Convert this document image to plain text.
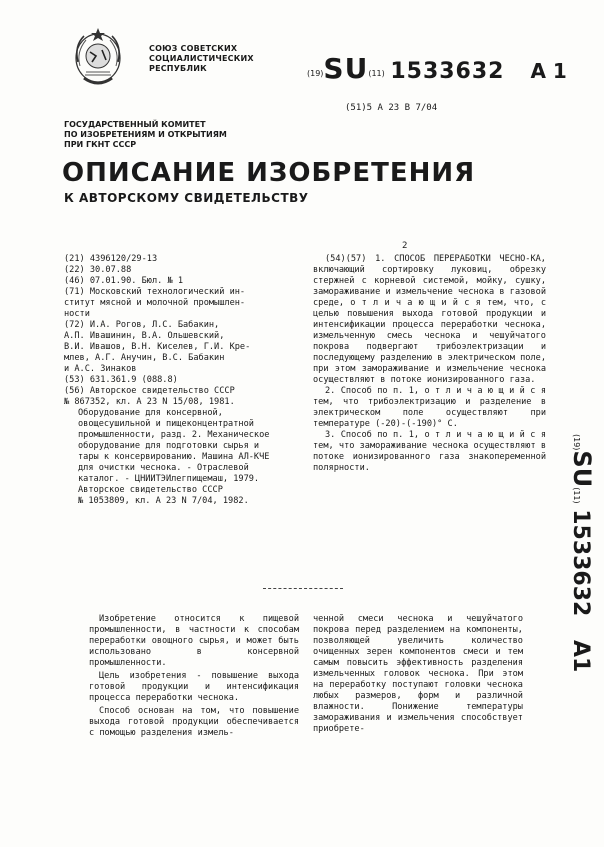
СОЮЗ СОВЕТСКИХ
СОЦИАЛИСТИЧЕСКИХ
РЕСПУБЛИК
(19)SU(11) 1533632 A 1
(51)5 A 23 B 7/04
ГОСУДАРСТВЕННЫЙ КОМИТЕТ
ПО ИЗОБРЕТЕНИЯМ И ОТКРЫТИЯМ
ПРИ ГКНТ СССР
ОПИСАНИЕ ИЗОБРЕТЕНИЯ
К АВТОРСКОМУ СВИДЕТЕЛЬСТВУ
2
(21) 4396120/29-13
(22) 30.07.88
(46) 07.01.90. Бюл. № 1
(71) Московский технологический ин-
ститут мясной и молочной промышлен-
ности
(72) И.А. Рогов, Л.С. Бабакин,
А.П. Ивашинин, В.А. Ольшевский,
В.И. Ивашов, В.Н. Киселев, Г.И. Кре-
млев, А.Г. Анучин, В.С. Бабакин
и А.С. Зинаков
(53) 631.361.9 (088.8)
(56) Авторское свидетельство СССР
№ 867352, кл. А 23 N 15/08, 1981.
Оборудование для консервной,
овощесушильной и пищеконцентратной
промышленности, разд. 2. Механическое
оборудование для подготовки сырья и
тары к консервированию. Машина АЛ-КЧЕ
для очистки чеснока. - Отраслевой
каталог. - ЦНИИТЭИлегпищемаш, 1979.
Авторское свидетельство СССР
№ 1053809, кл. А 23 N 7/04, 1982.

(54)(57) 1. СПОСОБ ПЕРЕРАБОТКИ ЧЕСНО-КА, включающий сортировку луковиц, обрезку стержней с корневой системой, мойку, сушку, замораживание и измельчение чеснока в газовой среде, о т л и ч а ю щ и й с я тем, что, с целью повышения выхода готовой продукции и интенсификации процесса переработки чеснока, измельченную смесь чеснока и чешуйчатого покрова подвергают трибоэлектризации и последующему разделению в электрическом поле, при этом замораживание и измельчение чеснока осуществляют в потоке ионизированного газа.

2. Способ по п. 1, о т л и ч а ю щ и й с я тем, что трибоэлектризацию и разделение в электрическом поле осуществляют при температуре (-20)-(-190)° С.

3. Способ по п. 1, о т л и ч а ю щ и й с я тем, что замораживание чеснока осуществляют в потоке ионизированного газа знакопеременной полярности.

(19)SU(11) 1533632 A1

Изобретение относится к пищевой промышленности, в частности к способам переработки овощного сырья, и может быть использовано в консервной промышленности.

Цель изобретения - повышение выхода готовой продукции и интенсификация процесса переработки чеснока.

Способ основан на том, что повышение выхода готовой продукции обеспечивается с помощью разделения измель-

ченной смеси чеснока и чешуйчатого покрова перед разделением на компоненты, позволяющей увеличить количество очищенных зерен компонентов смеси и тем самым повысить эффективность разделения измельченных головок чеснока. При этом на переработку поступают головки чеснока любых размеров, форм и различной влажности. Понижение температуры замораживания и измельчения способствует приобрете-
